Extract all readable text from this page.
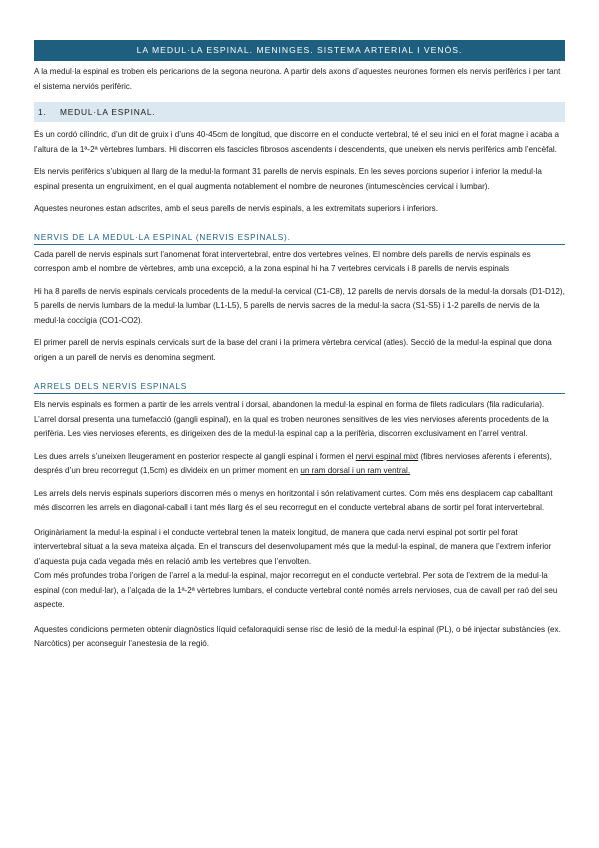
LA MEDUL·LA ESPINAL. MENINGES. SISTEMA ARTERIAL I VENÓS.

A la medul·la espinal es troben els pericarions de la segona neurona. A partir dels axons d’aquestes neurones formen els nervis perifèrics i per tant el sistema nerviós perifèric.

1. MEDUL·LA ESPINAL.

És un cordó cilíndric, d’un dit de gruix i d’uns 40-45cm de longitud, que discorre en el conducte vertebral, té el seu inici en el forat magne i acaba a l’altura de la 1ª-2ª vèrtebres lumbars. Hi discorren els fascicles fibrosos ascendents i descendents, que uneixen els nervis perifèrics amb l’encèfal.

Els nervis perifèrics s’ubiquen al llarg de la medul·la formant 31 parells de nervis espinals. En les seves porcions superior i inferior la medul·la espinal presenta un engruiximent, en el qual augmenta notablement el nombre de neurones (intumescències cervical i lumbar).

Aquestes neurones estan adscrites, amb el seus parells de nervis espinals, a les extremitats superiors i inferiors.

NERVIS DE LA MEDUL·LA ESPINAL (NERVIS ESPINALS).

Cada parell de nervis espinals surt l’anomenat forat intervertebral, entre dos vertebres veïnes. El nombre dels parells de nervis espinals es correspon amb el nombre de vèrtebres, amb una excepció, a la zona espinal hi ha 7 vertebres cervicals i 8 parells de nervis espinals

Hi ha 8 parells de nervis espinals cervicals procedents de la medul·la cervical (C1-C8), 12 parells de nervis dorsals de la medul·la dorsals (D1-D12), 5 parells de nervis lumbars de la medul·la lumbar (L1-L5), 5 parells de nervis sacres de la medul·la sacra (S1-S5) i 1-2 parells de nervis de la medul·la coccígia (CO1-CO2).

El primer parell de nervis espinals cervicals surt de la base del crani i la primera vèrtebra cervical (atles). Secció de la medul·la espinal que dona origen a un parell de nervis es denomina segment.

ARRELS DELS NERVIS ESPINALS

Els nervis espinals es formen a partir de les arrels ventral i dorsal, abandonen la medul·la espinal en forma de filets radiculars (fila radicularia). L’arrel dorsal presenta una tumefacció (gangli espinal), en la qual es troben neurones sensitives de les vies nervioses aferents procedents de la perifèria. Les vies nervioses eferents, es dirigeixen des de la medul·la espinal cap a la perifèria, discorren exclusivament en l’arrel ventral.

Les dues arrels s’uneixen lleugerament en posterior respecte al gangli espinal i formen el nervi espinal mixt (fibres nervioses aferents i eferents), després d’un breu recorregut (1,5cm) es divideix en un primer moment en un ram dorsal i un ram ventral.

Les arrels dels nervis espinals superiors discorren més o menys en horitzontal i són relativament curtes. Com més ens desplacem cap caballtant més discorren les arrels en diagonal-caball i tant més llarg és el seu recorregut en el conducte vertebral abans de sortir pel forat intervertebral.

Originàriament la medul·la espinal i el conducte vertebral tenen la mateix longitud, de manera que cada nervi espinal pot sortir pel forat intervertebral situat a la seva mateixa alçada. En el transcurs del desenvolupament més que la medul·la espinal, de manera que l’extrem inferior d’aquesta puja cada vegada més en relació amb les vertebres que l’envolten.

Com més profundes troba l’origen de l’arrel a la medul·la espinal, major recorregut en el conducte vertebral. Per sota de l’extrem de la medul·la espinal (con medul·lar), a l’alçada de la 1ª-2ª vèrtebres lumbars, el conducte vertebral conté només arrels nervioses, cua de cavall per raó del seu aspecte.

Aquestes condicions permeten obtenir diagnòstics líquid cefaloraquidi sense risc de lesió de la medul·la espinal (PL), o bé injectar substàncies (ex. Narcòtics) per aconseguir l’anestesia de la regió.
